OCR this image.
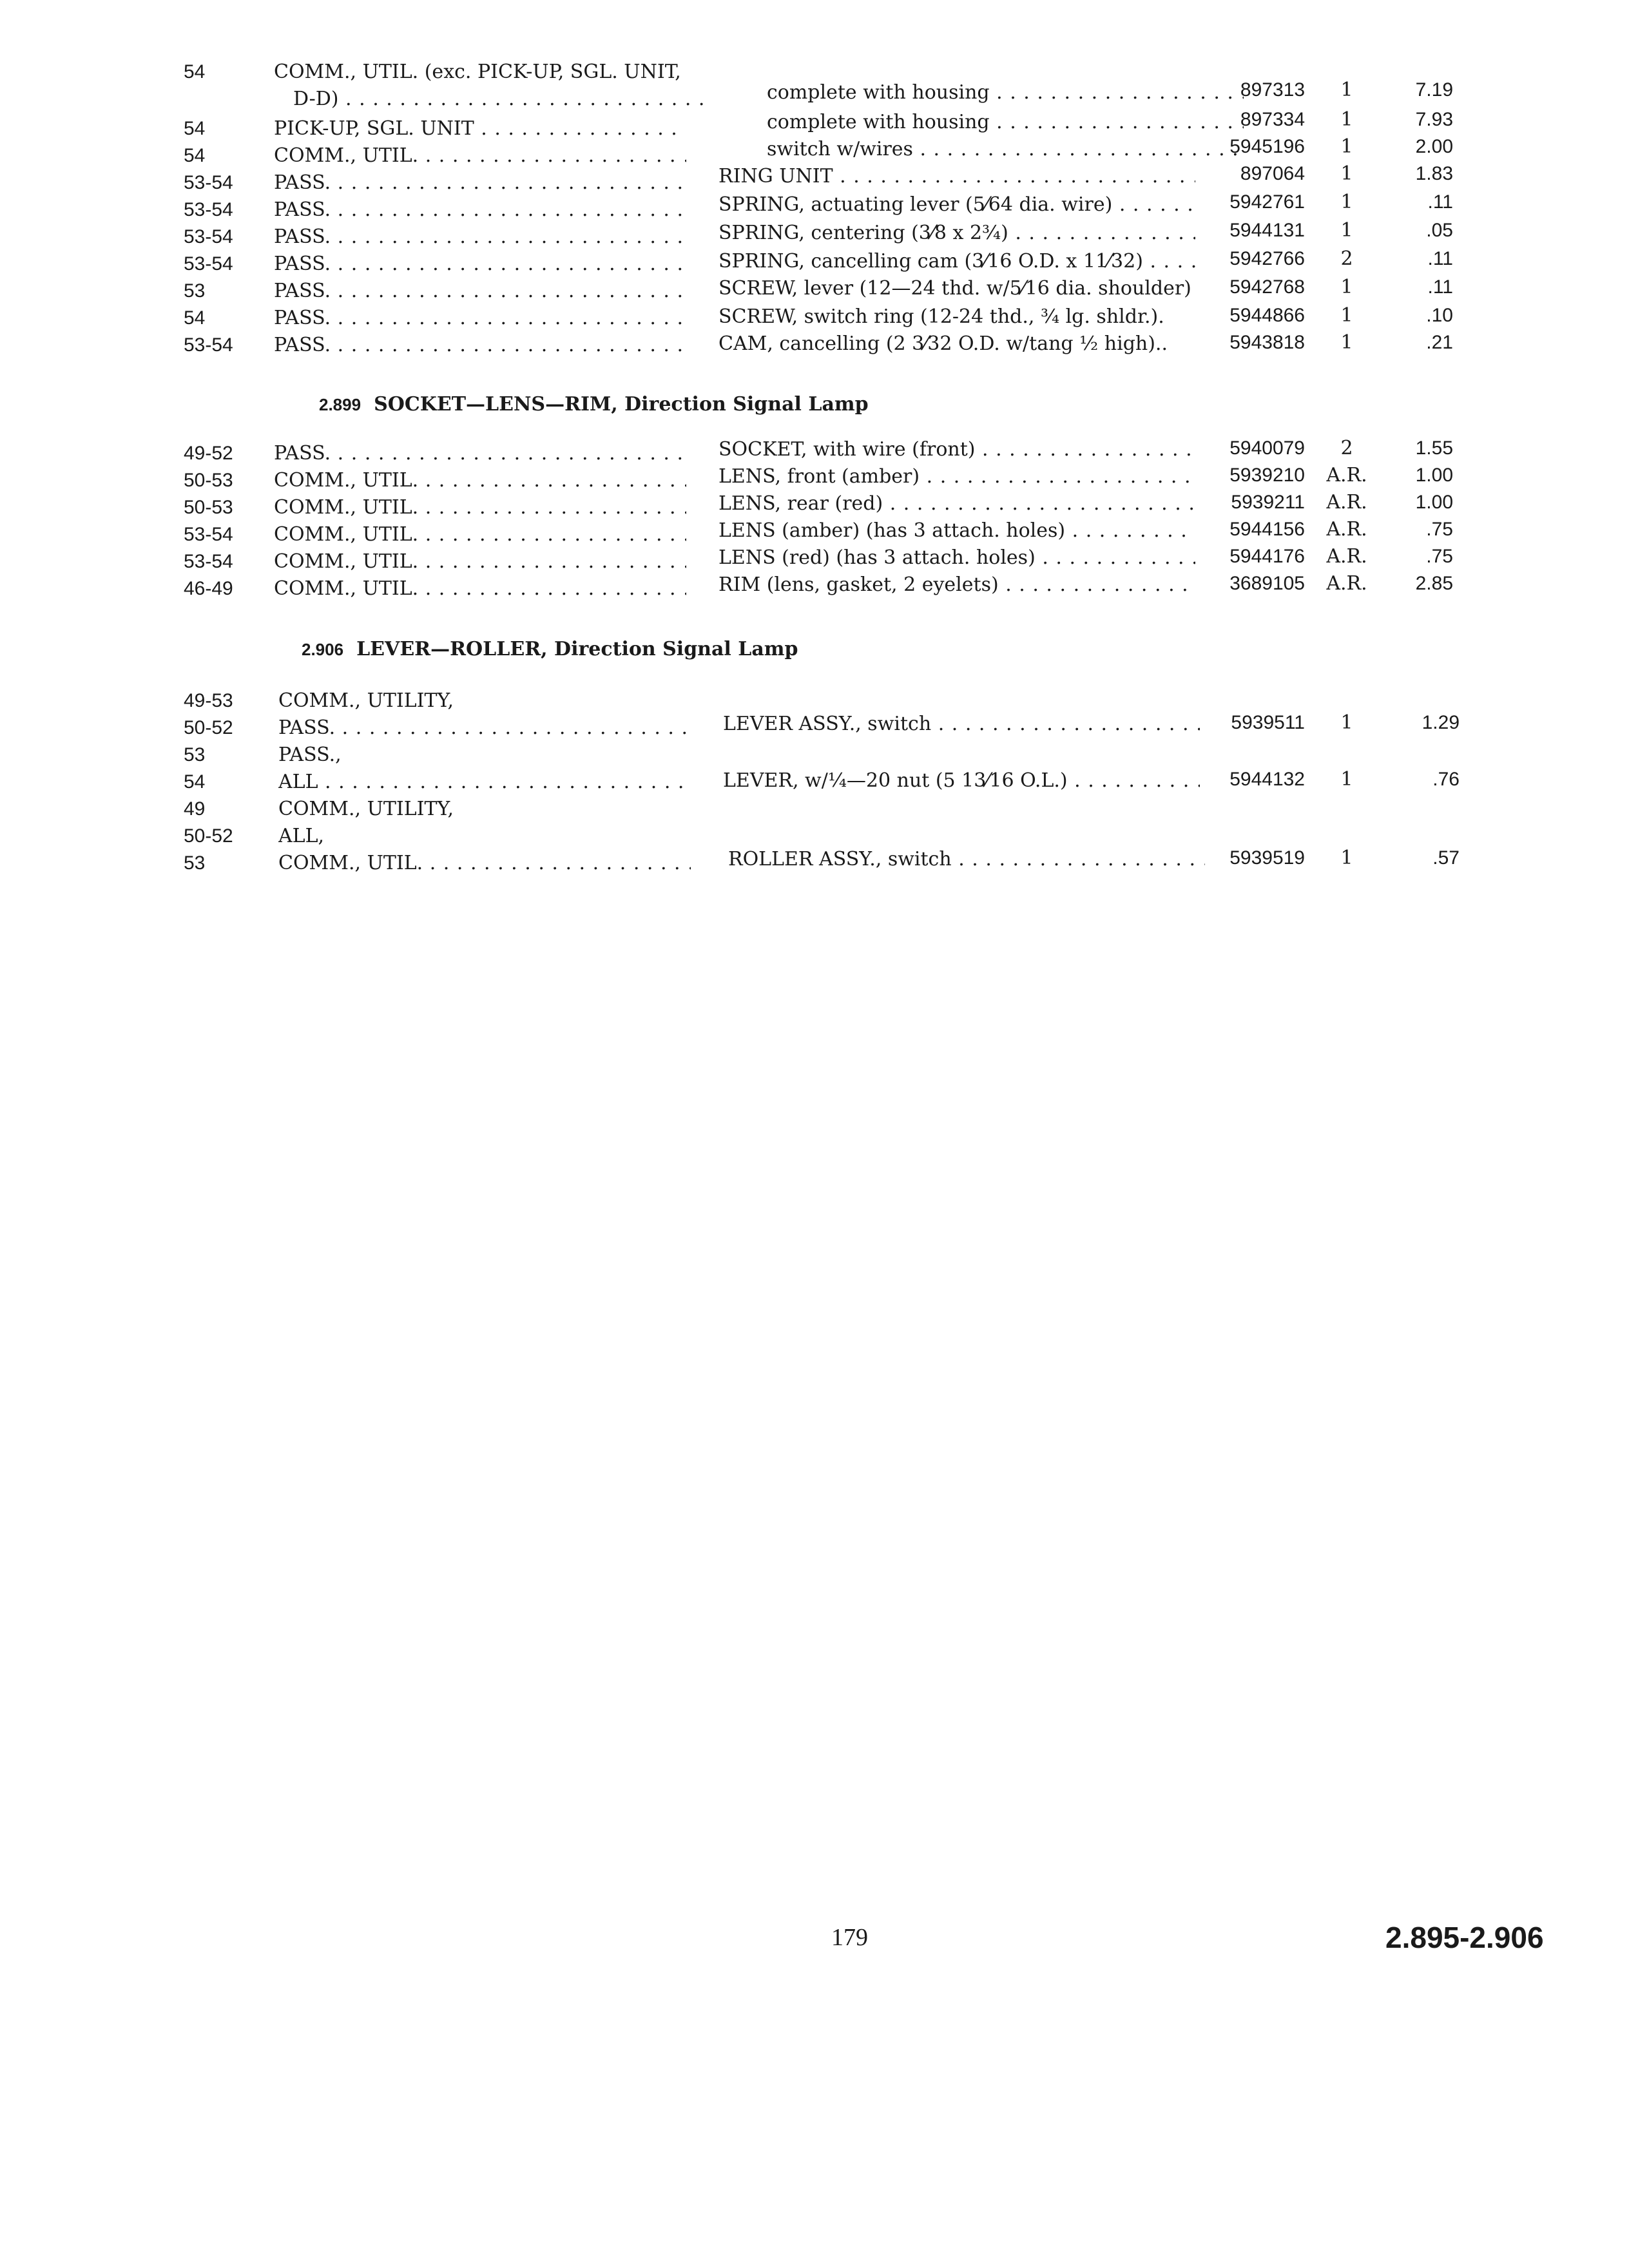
54	COMM., UTIL. (exc. PICK-UP, SGL. UNIT,
D-D) . . .	complete with housing . . .	897313	1	7.19
54	PICK-UP, SGL. UNIT . . .	complete with housing . . .	897334	1	7.93
54	COMM., UTIL. . . .	switch w/wires . . .	5945196	1	2.00
53-54	PASS. . . .	RING UNIT . . .	897064	1	1.83
53-54	PASS. . . .	SPRING, actuating lever (5⁄64 dia. wire) . . .	5942761	1	.11
53-54	PASS. . . .	SPRING, centering (3⁄8 x 2¾) . . .	5944131	1	.05
53-54	PASS. . . .	SPRING, cancelling cam (3⁄16 O.D. x 11⁄32) . . .	5942766	2	.11
53	PASS. . . .	SCREW, lever (12—24 thd. w/5⁄16 dia. shoulder)	5942768	1	.11
54	PASS. . . .	SCREW, switch ring (12-24 thd., ¾ lg. shldr.).	5944866	1	.10
53-54	PASS. . . .	CAM, cancelling (2 3⁄32 O.D. w/tang ½ high)..	5943818	1	.21
2.899 SOCKET—LENS—RIM, Direction Signal Lamp
49-52	PASS. . . .	SOCKET, with wire (front) . . .	5940079	2	1.55
50-53	COMM., UTIL. . . .	LENS, front (amber) . . .	5939210	A.R.	1.00
50-53	COMM., UTIL. . . .	LENS, rear (red) . . .	5939211	A.R.	1.00
53-54	COMM., UTIL. . . .	LENS (amber) (has 3 attach. holes) . . .	5944156	A.R.	.75
53-54	COMM., UTIL. . . .	LENS (red) (has 3 attach. holes) . . .	5944176	A.R.	.75
46-49	COMM., UTIL. . . .	RIM (lens, gasket, 2 eyelets) . . .	3689105	A.R.	2.85
2.906 LEVER—ROLLER, Direction Signal Lamp
49-53	COMM., UTILITY,
50-52	PASS. . . .	LEVER ASSY., switch . . .	5939511	1	1.29
53	PASS.,
54	ALL . . .	LEVER, w/¼—20 nut (5 13⁄16 O.L.) . . .	5944132	1	.76
49	COMM., UTILITY,
50-52	ALL,
53	COMM., UTIL. . . .	ROLLER ASSY., switch . . .	5939519	1	.57
179	2.895-2.906
